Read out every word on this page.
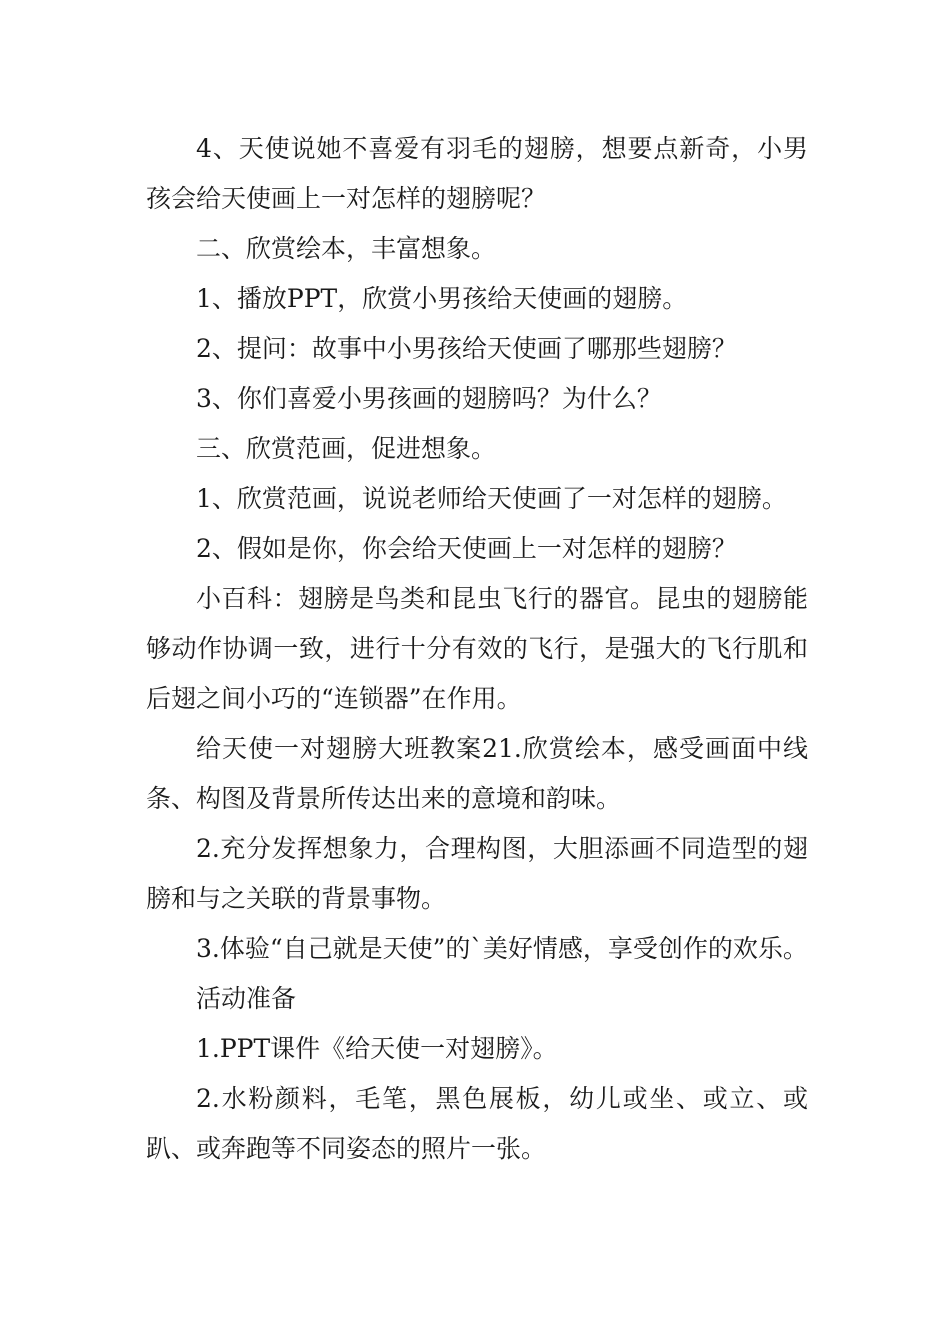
4、天使说她不喜爱有羽毛的翅膀，想要点新奇，小男孩会给天使画上一对怎样的翅膀呢？

二、欣赏绘本，丰富想象。

1、播放PPT，欣赏小男孩给天使画的翅膀。

2、提问：故事中小男孩给天使画了哪那些翅膀？

3、你们喜爱小男孩画的翅膀吗？为什么？

三、欣赏范画，促进想象。

1、欣赏范画，说说老师给天使画了一对怎样的翅膀。

2、假如是你，你会给天使画上一对怎样的翅膀？

小百科：翅膀是鸟类和昆虫飞行的器官。昆虫的翅膀能够动作协调一致，进行十分有效的飞行，是强大的飞行肌和后翅之间小巧的“连锁器”在作用。

给天使一对翅膀大班教案21.欣赏绘本，感受画面中线条、构图及背景所传达出来的意境和韵味。

2.充分发挥想象力，合理构图，大胆添画不同造型的翅膀和与之关联的背景事物。

3.体验“自己就是天使”的`美好情感，享受创作的欢乐。

活动准备

1.PPT课件《给天使一对翅膀》。

2.水粉颜料，毛笔，黑色展板，幼儿或坐、或立、或趴、或奔跑等不同姿态的照片一张。
